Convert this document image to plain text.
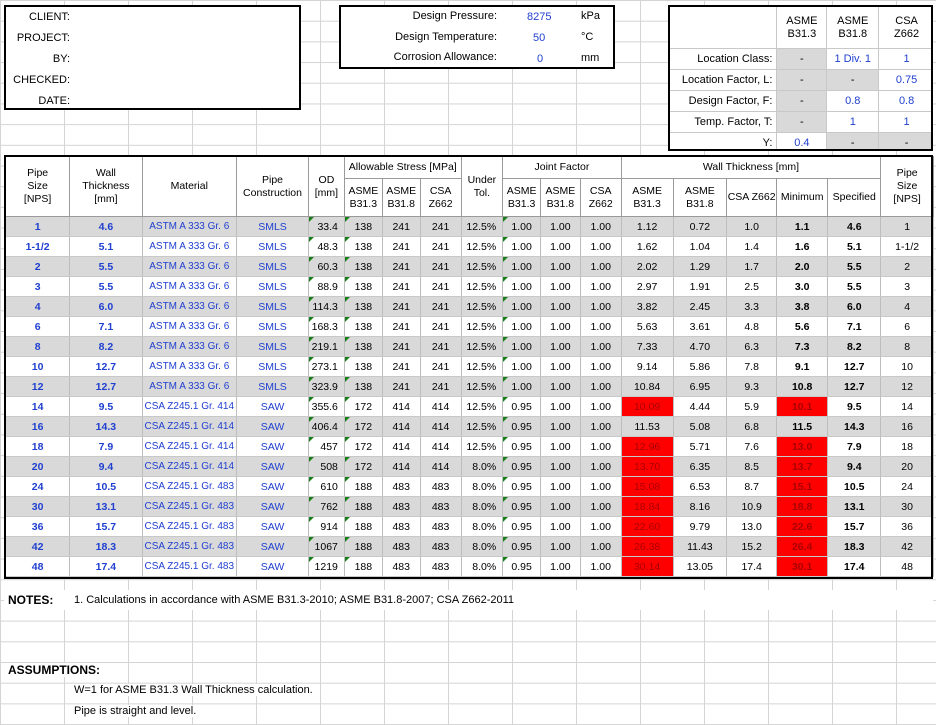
CLIENT:
PROJECT:
BY:
CHECKED:
DATE:
Design Pressure:	8275	kPa
Design Temperature:	50	°C
Corrosion Allowance:	0	mm
	ASME B31.3	ASME B31.8	CSA Z662
Location Class:	-	1 Div. 1	1
Location Factor, L:	-	-	0.75
Design Factor, F:	-	0.8	0.8
Temp. Factor, T:	-	1	1
Y:	0.4	-	-
Pipe Size [NPS]	Wall Thickness [mm]	Material	Pipe Construction	OD [mm]	Allowable Stress [MPa]			Under Tol.	Joint Factor			Wall Thickness [mm]					Pipe Size [NPS]
					ASME B31.3	ASME B31.8	CSA Z662		ASME B31.3	ASME B31.8	CSA Z662	ASME B31.3	ASME B31.8	CSA Z662	Minimum	Specified	
1	4.6	ASTM A 333 Gr. 6	SMLS	33.4	138	241	241	12.5%	1.00	1.00	1.00	1.12	0.72	1.0	1.1	4.6	1
1-1/2	5.1	ASTM A 333 Gr. 6	SMLS	48.3	138	241	241	12.5%	1.00	1.00	1.00	1.62	1.04	1.4	1.6	5.1	1-1/2
2	5.5	ASTM A 333 Gr. 6	SMLS	60.3	138	241	241	12.5%	1.00	1.00	1.00	2.02	1.29	1.7	2.0	5.5	2
3	5.5	ASTM A 333 Gr. 6	SMLS	88.9	138	241	241	12.5%	1.00	1.00	1.00	2.97	1.91	2.5	3.0	5.5	3
4	6.0	ASTM A 333 Gr. 6	SMLS	114.3	138	241	241	12.5%	1.00	1.00	1.00	3.82	2.45	3.3	3.8	6.0	4
6	7.1	ASTM A 333 Gr. 6	SMLS	168.3	138	241	241	12.5%	1.00	1.00	1.00	5.63	3.61	4.8	5.6	7.1	6
8	8.2	ASTM A 333 Gr. 6	SMLS	219.1	138	241	241	12.5%	1.00	1.00	1.00	7.33	4.70	6.3	7.3	8.2	8
10	12.7	ASTM A 333 Gr. 6	SMLS	273.1	138	241	241	12.5%	1.00	1.00	1.00	9.14	5.86	7.8	9.1	12.7	10
12	12.7	ASTM A 333 Gr. 6	SMLS	323.9	138	241	241	12.5%	1.00	1.00	1.00	10.84	6.95	9.3	10.8	12.7	12
14	9.5	CSA Z245.1 Gr. 414	SAW	355.6	172	414	414	12.5%	0.95	1.00	1.00	10.09	4.44	5.9	10.1	9.5	14
16	14.3	CSA Z245.1 Gr. 414	SAW	406.4	172	414	414	12.5%	0.95	1.00	1.00	11.53	5.08	6.8	11.5	14.3	16
18	7.9	CSA Z245.1 Gr. 414	SAW	457	172	414	414	12.5%	0.95	1.00	1.00	12.96	5.71	7.6	13.0	7.9	18
20	9.4	CSA Z245.1 Gr. 414	SAW	508	172	414	414	8.0%	0.95	1.00	1.00	13.70	6.35	8.5	13.7	9.4	20
24	10.5	CSA Z245.1 Gr. 483	SAW	610	188	483	483	8.0%	0.95	1.00	1.00	15.08	6.53	8.7	15.1	10.5	24
30	13.1	CSA Z245.1 Gr. 483	SAW	762	188	483	483	8.0%	0.95	1.00	1.00	18.84	8.16	10.9	18.8	13.1	30
36	15.7	CSA Z245.1 Gr. 483	SAW	914	188	483	483	8.0%	0.95	1.00	1.00	22.60	9.79	13.0	22.6	15.7	36
42	18.3	CSA Z245.1 Gr. 483	SAW	1067	188	483	483	8.0%	0.95	1.00	1.00	26.38	11.43	15.2	26.4	18.3	42
48	17.4	CSA Z245.1 Gr. 483	SAW	1219	188	483	483	8.0%	0.95	1.00	1.00	30.14	13.05	17.4	30.1	17.4	48
NOTES: 1. Calculations in accordance with ASME B31.3-2010; ASME B31.8-2007; CSA Z662-2011
ASSUMPTIONS:
W=1 for ASME B31.3 Wall Thickness calculation.
Pipe is straight and level.
